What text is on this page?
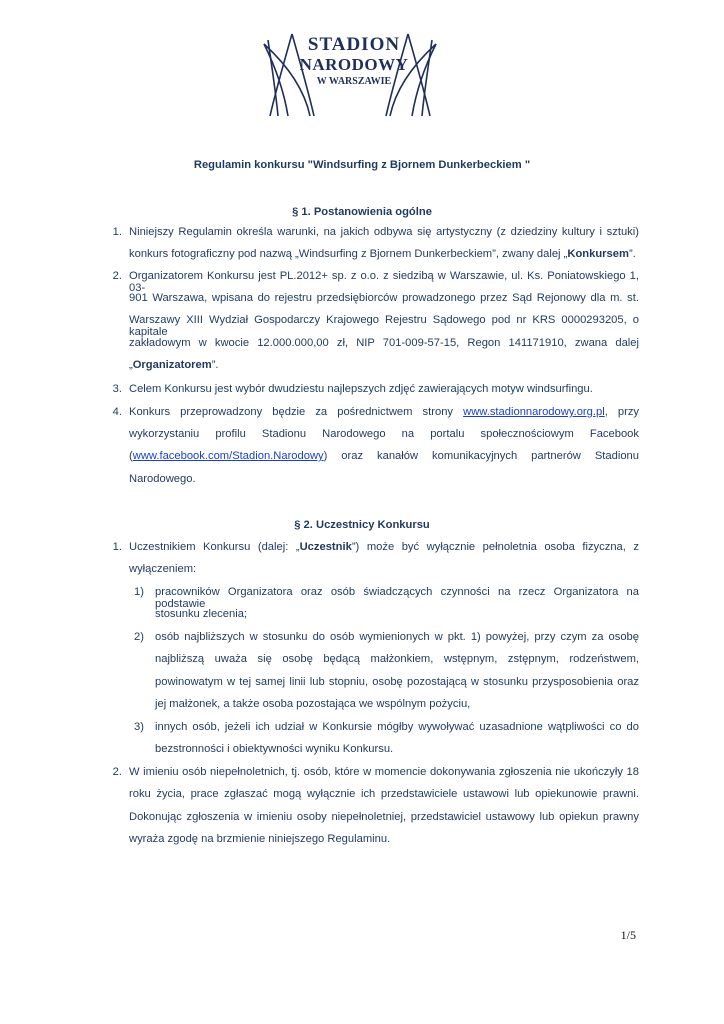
STADION
NARODOWY
W WARSZAWIE
Regulamin konkursu "Windsurfing z Bjornem Dunkerbeckiem "
§ 1. Postanowienia ogólne
1. Niniejszy Regulamin określa warunki, na jakich odbywa się artystyczny (z dziedziny kultury i sztuki)
konkurs fotograficzny pod nazwą „Windsurfing z Bjornem Dunkerbeckiem”, zwany dalej „Konkursem”.
2. Organizatorem Konkursu jest PL.2012+ sp. z o.o. z siedzibą w Warszawie, ul. Ks. Poniatowskiego 1, 03-
901 Warszawa, wpisana do rejestru przedsiębiorców prowadzonego przez Sąd Rejonowy dla m. st.
Warszawy XIII Wydział Gospodarczy Krajowego Rejestru Sądowego pod nr KRS 0000293205, o kapitale
zakładowym w kwocie 12.000.000,00 zł, NIP 701-009-57-15, Regon 141171910, zwana dalej
„Organizatorem”.
3. Celem Konkursu jest wybór dwudziestu najlepszych zdjęć zawierających motyw windsurfingu.
4. Konkurs przeprowadzony będzie za pośrednictwem strony www.stadionnarodowy.org.pl, przy
wykorzystaniu profilu Stadionu Narodowego na portalu społecznościowym Facebook
(www.facebook.com/Stadion.Narodowy) oraz kanałów komunikacyjnych partnerów Stadionu
Narodowego.
§ 2. Uczestnicy Konkursu
1. Uczestnikiem Konkursu (dalej: „Uczestnik”) może być wyłącznie pełnoletnia osoba fizyczna, z
wyłączeniem:
1) pracowników Organizatora oraz osób świadczących czynności na rzecz Organizatora na podstawie
stosunku zlecenia;
2) osób najbliższych w stosunku do osób wymienionych w pkt. 1) powyżej, przy czym za osobę
najbliższą uważa się osobę będącą małżonkiem, wstępnym, zstępnym, rodzeństwem,
powinowatym w tej samej linii lub stopniu, osobę pozostającą w stosunku przysposobienia oraz
jej małżonek, a także osoba pozostająca we wspólnym pożyciu,
3) innych osób, jeżeli ich udział w Konkursie mógłby wywoływać uzasadnione wątpliwości co do
bezstronności i obiektywności wyniku Konkursu.
2. W imieniu osób niepełnoletnich, tj. osób, które w momencie dokonywania zgłoszenia nie ukończyły 18
roku życia, prace zgłaszać mogą wyłącznie ich przedstawiciele ustawowi lub opiekunowie prawni.
Dokonując zgłoszenia w imieniu osoby niepełnoletniej, przedstawiciel ustawowy lub opiekun prawny
wyraża zgodę na brzmienie niniejszego Regulaminu.
1/5
